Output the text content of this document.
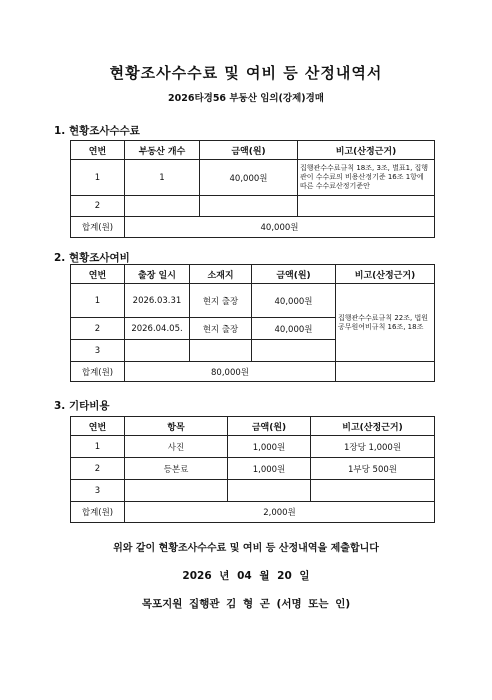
현황조사수수료 및 여비 등 산정내역서
2026타경56 부동산 임의(강제)경매
1. 현황조사수수료
연번	부동산 개수	금액(원)	비고(산정근거)
1	1	40,000원	집행관수수료규칙 18조, 3조, 별표1, 집행관이 수수료의 비용산정기준 16조 1항에 따른 수수료산정기준안
2			
합계(원)	40,000원		
2. 현황조사여비
연번	출장 일시	소재지	금액(원)	비고(산정근거)
1	2026.03.31	현지 출장	40,000원	집행관수수료규칙 22조, 법원공무원여비규칙 16조, 18조
2	2026.04.05.	현지 출장	40,000원	
3				
합계(원)	80,000원			
3. 기타비용
연번	항목	금액(원)	비고(산정근거)
1	사진	1,000원	1장당 1,000원
2	등본료	1,000원	1부당 500원
3			
합계(원)	2,000원		
위와 같이 현황조사수수료 및 여비 등 산정내역을 제출합니다
2026 년 04 월 20 일
목포지원 집행관 김 형 곤 (서명 또는 인)
